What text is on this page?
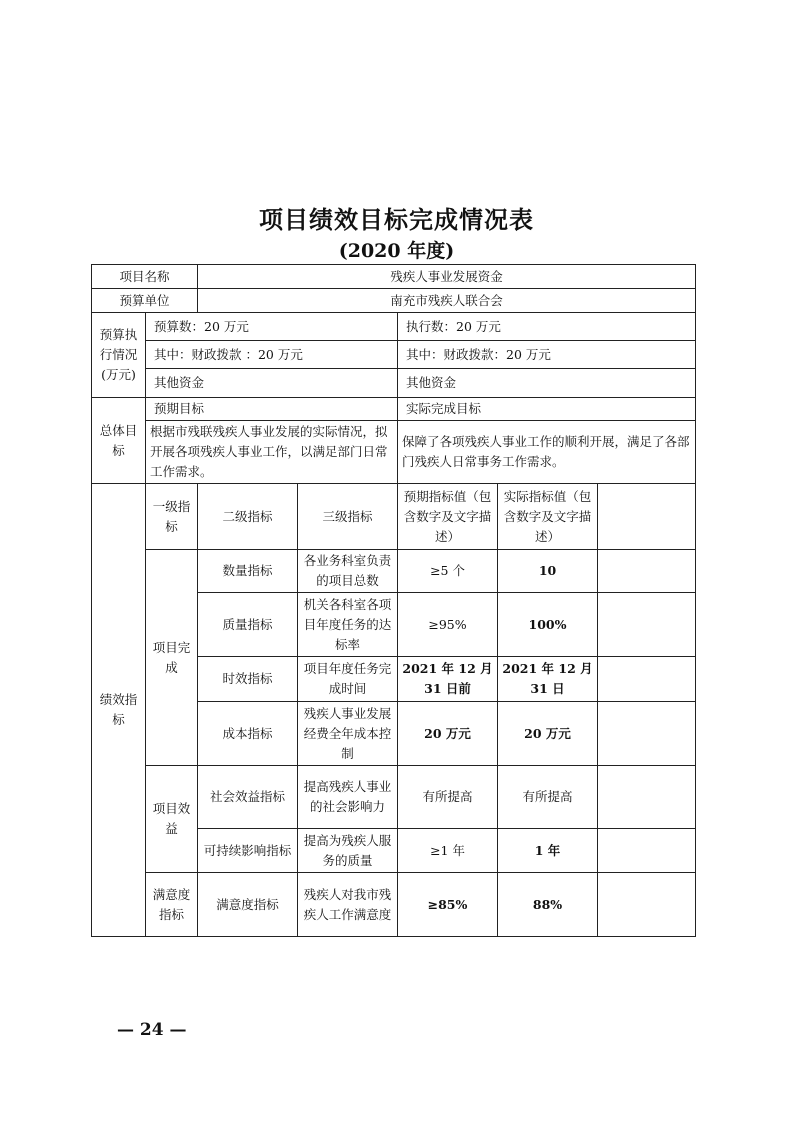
项目绩效目标完成情况表
(2020 年度)
项目名称		残疾人事业发展资金				
预算单位		南充市残疾人联合会				
预算执行情况(万元)	预算数：20 万元			执行数：20 万元		
	其中：财政拨款 ：20 万元			其中：财政拨款：20 万元		
	其他资金			其他资金		
总体目标	预期目标			实际完成目标		
	根据市残联残疾人事业发展的实际情况，拟开展各项残疾人事业工作，以满足部门日常工作需求。			保障了各项残疾人事业工作的顺利开展，满足了各部门残疾人日常事务工作需求。		
绩效指标	一级指标	二级指标	三级指标	预期指标值（包含数字及文字描述）	实际指标值（包含数字及文字描述）	
	项目完成	数量指标	各业务科室负责的项目总数	≥5 个	10	
		质量指标	机关各科室各项目年度任务的达标率	≥95%	100%	
		时效指标	项目年度任务完成时间	2021 年 12 月31 日前	2021 年 12 月31 日	
		成本指标	残疾人事业发展经费全年成本控制	20 万元	20 万元	
	项目效益	社会效益指标	提高残疾人事业的社会影响力	有所提高	有所提高	
		可持续影响指标	提高为残疾人服务的质量	≥1 年	1 年	
	满意度指标	满意度指标	残疾人对我市残疾人工作满意度	≥85%	88%	
— 24 —
